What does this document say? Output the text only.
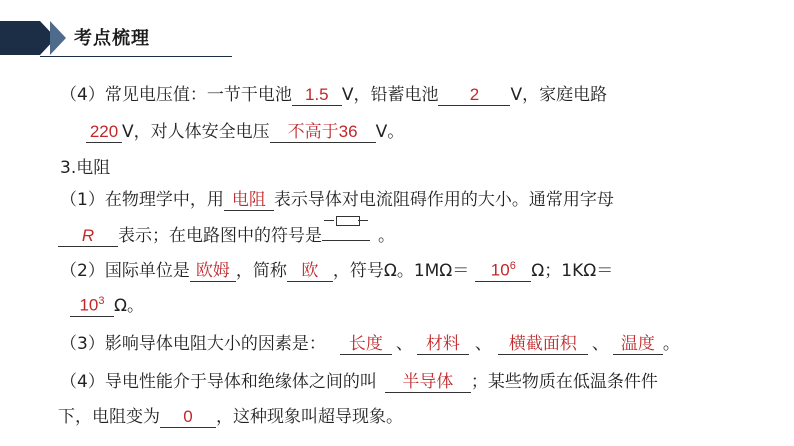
考点梳理
（4）常见电压值：一节干电池 1.5 V，铅蓄电池 2 V，家庭电路
220 V，对人体安全电压 不高于36 V。
3.电阻
（1）在物理学中，用 电阻 表示导体对电流阻碍作用的大小。通常用字母
R 表示；在电路图中的符号是	。
（2）国际单位是 欧姆 ，简称 欧 ，符号Ω。$1M\Omega= 10^6$ Ω；1KΩ＝
$10^3$ Ω。
（3）影响导体电阻大小的因素是： 长度 、 材料 、 横截面积 、 温度 。
（4）导电性能介于导体和绝缘体之间的叫 半导体 ；某些物质在低温条件件
下，电阻变为 0 ，这种现象叫超导现象。
